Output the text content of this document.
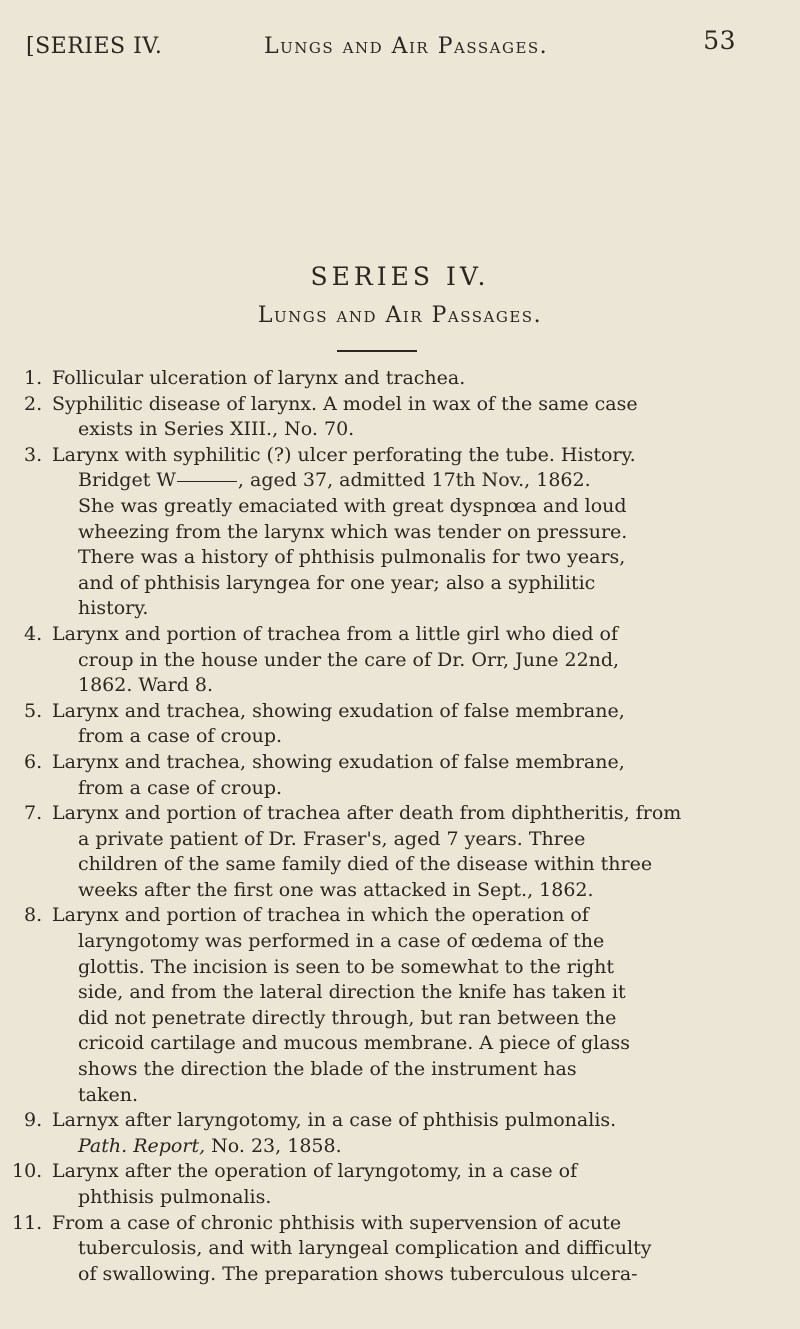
[SERIES IV.	Lungs and Air Passages.	53
SERIES IV.
Lungs and Air Passages.
1. Follicular ulceration of larynx and trachea.
2. Syphilitic disease of larynx. A model in wax of the same case
exists in Series XIII., No. 70.
3. Larynx with syphilitic (?) ulcer perforating the tube. History.
Bridget W	, aged 37, admitted 17th Nov., 1862.
She was greatly emaciated with great dyspnœa and loud
wheezing from the larynx which was tender on pressure.
There was a history of phthisis pulmonalis for two years,
and of phthisis laryngea for one year; also a syphilitic
history.
4. Larynx and portion of trachea from a little girl who died of
croup in the house under the care of Dr. Orr, June 22nd,
1862. Ward 8.
5. Larynx and trachea, showing exudation of false membrane,
from a case of croup.
6. Larynx and trachea, showing exudation of false membrane,
from a case of croup.
7. Larynx and portion of trachea after death from diphtheritis, from
a private patient of Dr. Fraser's, aged 7 years. Three
children of the same family died of the disease within three
weeks after the first one was attacked in Sept., 1862.
8. Larynx and portion of trachea in which the operation of
laryngotomy was performed in a case of œdema of the
glottis. The incision is seen to be somewhat to the right
side, and from the lateral direction the knife has taken it
did not penetrate directly through, but ran between the
cricoid cartilage and mucous membrane. A piece of glass
shows the direction the blade of the instrument has
taken.
9. Larnyx after laryngotomy, in a case of phthisis pulmonalis.
Path. Report, No. 23, 1858.
10. Larynx after the operation of laryngotomy, in a case of
phthisis pulmonalis.
11. From a case of chronic phthisis with supervension of acute
tuberculosis, and with laryngeal complication and difficulty
of swallowing. The preparation shows tuberculous ulcera-
